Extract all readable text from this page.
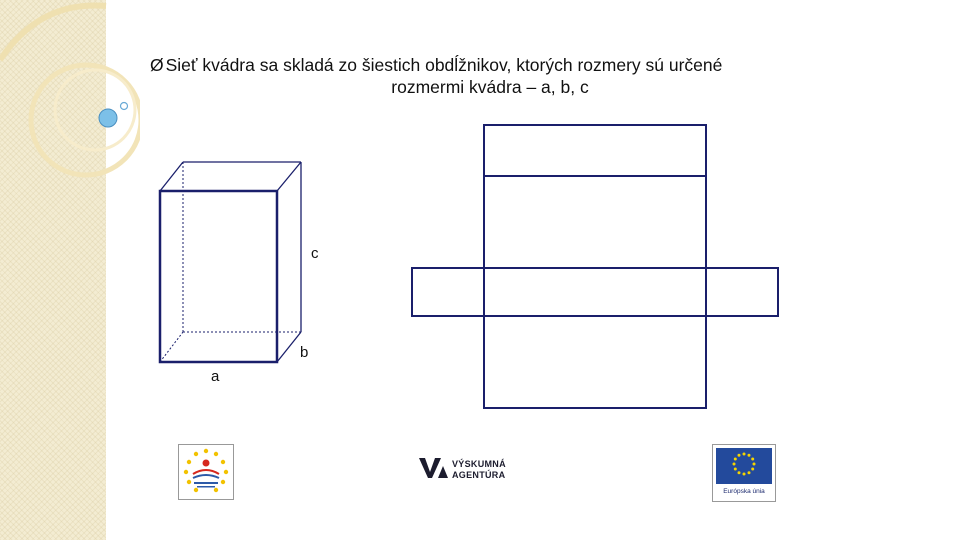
Ø Sieť kvádra sa skladá zo šiestich obdĺžnikov, ktorých rozmery sú určené
rozmermi kvádra – a, b, c
c
b
a
VÝSKUMNÁ
AGENTÚRA
Európska únia
